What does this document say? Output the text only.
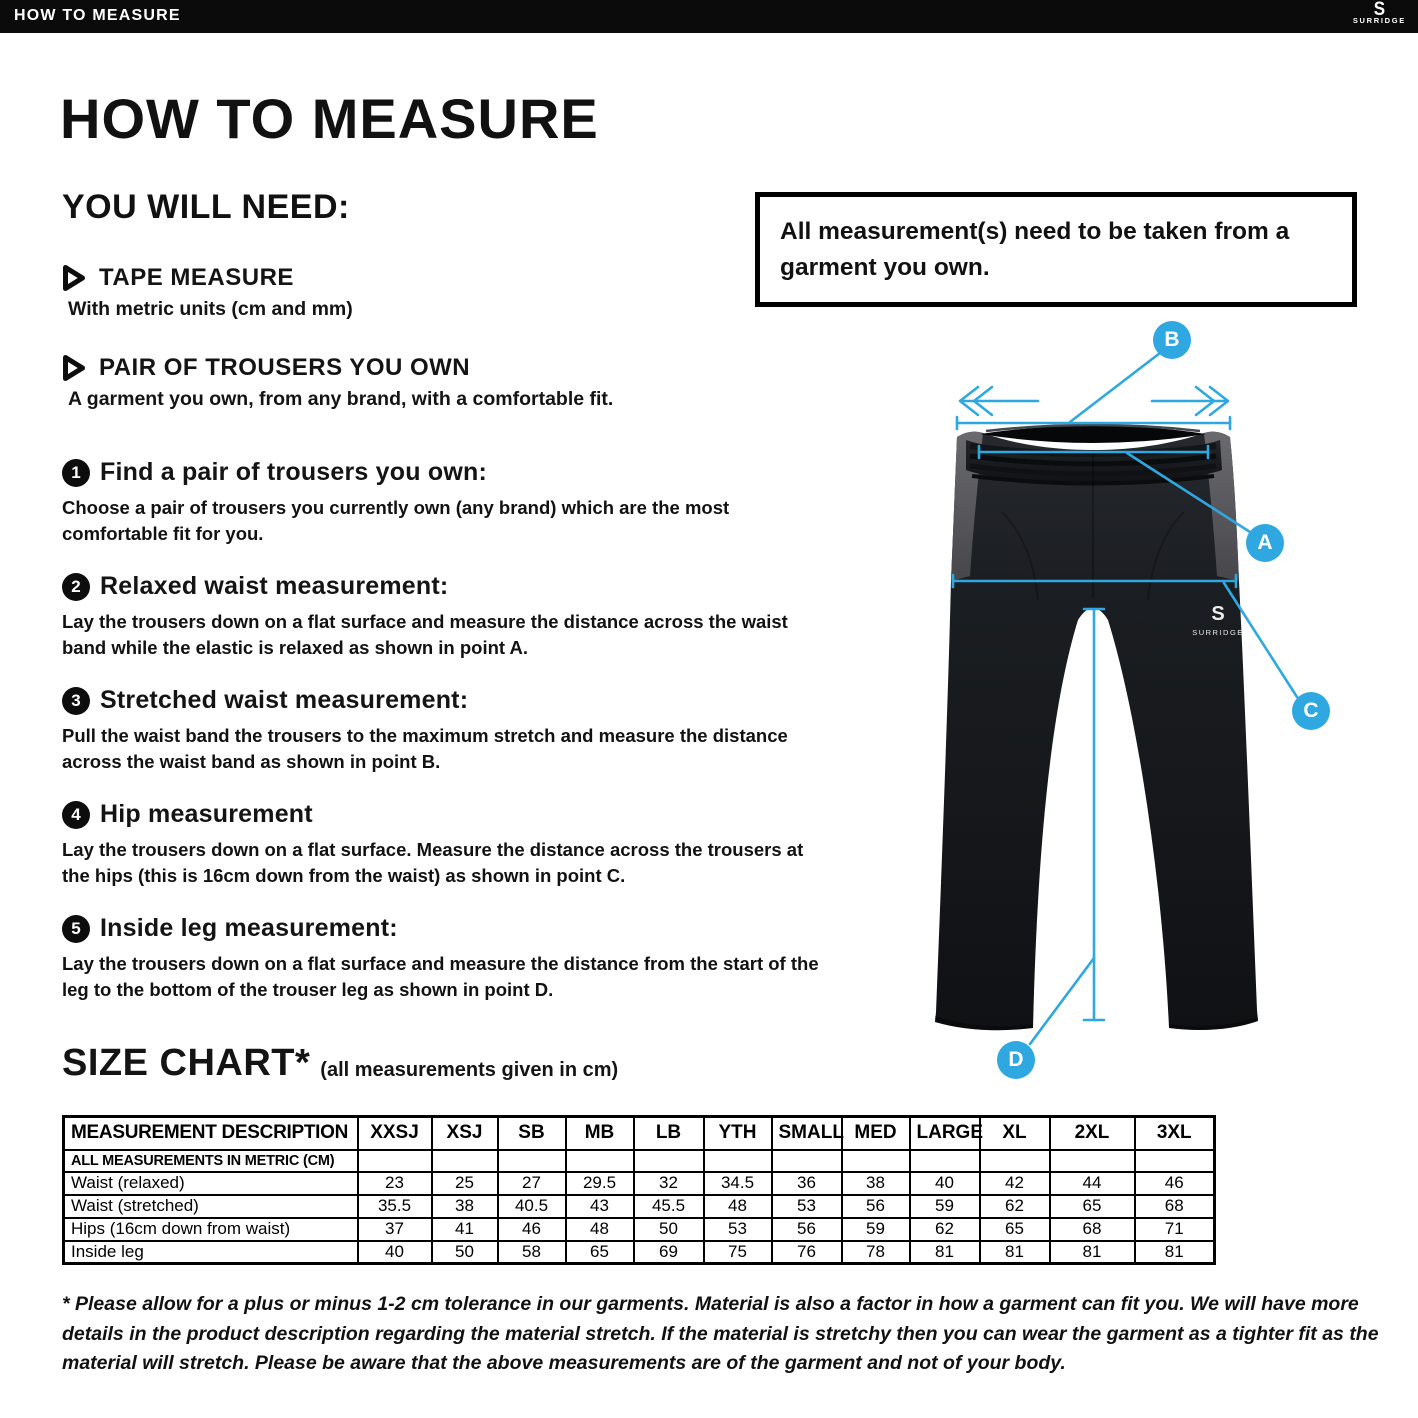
HOW TO MEASURE	S
SURRIDGE
HOW TO MEASURE
YOU WILL NEED:
TAPE MEASURE
With metric units (cm and mm)
PAIR OF TROUSERS YOU OWN
A garment you own, from any brand, with a comfortable fit.
All measurement(s) need to be taken from a garment you own.
1 Find a pair of trousers you own:
Choose a pair of trousers you currently own (any brand) which are the most comfortable fit for you.
2 Relaxed waist measurement:
Lay the trousers down on a flat surface and measure the distance across the waist band while the elastic is relaxed as shown in point A.
3 Stretched waist measurement:
Pull the waist band the trousers to the maximum stretch and measure the distance across the waist band as shown in point B.
4 Hip measurement
Lay the trousers down on a flat surface. Measure the distance across the trousers at the hips (this is 16cm down from the waist) as shown in point C.
5 Inside leg measurement:
Lay the trousers down on a flat surface and measure the distance from the start of the leg to the bottom of the trouser leg as shown in point D.
S
SURRIDGE
A
B
C
D
SIZE CHART* (all measurements given in cm)
MEASUREMENT DESCRIPTION	XXSJ	XSJ	SB	MB	LB	YTH	SMALL	MED	LARGE	XL	2XL	3XL
ALL MEASUREMENTS IN METRIC (CM)												
Waist (relaxed)	23	25	27	29.5	32	34.5	36	38	40	42	44	46
Waist (stretched)	35.5	38	40.5	43	45.5	48	53	56	59	62	65	68
Hips (16cm down from waist)	37	41	46	48	50	53	56	59	62	65	68	71
Inside leg	40	50	58	65	69	75	76	78	81	81	81	81

* Please allow for a plus or minus 1-2 cm tolerance in our garments. Material is also a factor in how a garment can fit you. We will have more details in the product description regarding the material stretch. If the material is stretchy then you can wear the garment as a tighter fit as the material will stretch. Please be aware that the above measurements are of the garment and not of your body.
